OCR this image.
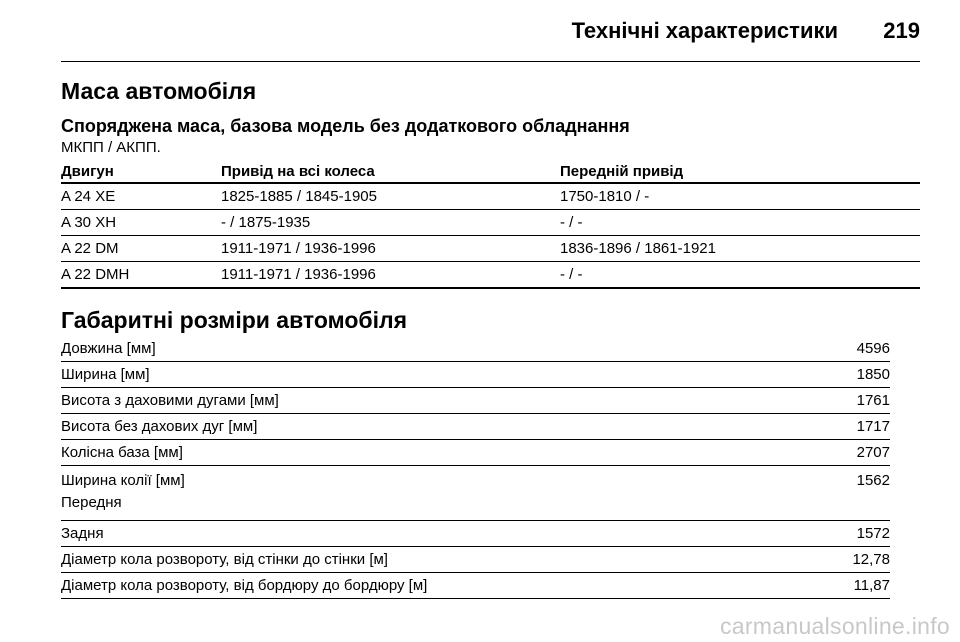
Технічні характеристики 219
Маса автомобіля
Споряджена маса, базова модель без додаткового обладнання
МКПП / АКПП.
Двигун	Привід на всі колеса	Передній привід
A 24 XE	1825-1885 / 1845-1905	1750-1810 / -
A 30 XH	- / 1875-1935	- / -
A 22 DM	1911-1971 / 1936-1996	1836-1896 / 1861-1921
A 22 DMH	1911-1971 / 1936-1996	- / -
Габаритні розміри автомобіля
Довжина [мм]	4596
Ширина [мм]	1850
Висота з даховими дугами [мм]	1761
Висота без дахових дуг [мм]	1717
Колісна база [мм]	2707

Ширина колії [мм]
Передня	1562

Задня	1572
Діаметр кола розвороту, від стінки до стінки [м]	12,78
Діаметр кола розвороту, від бордюру до бордюру [м]	11,87
carmanualsonline.info
